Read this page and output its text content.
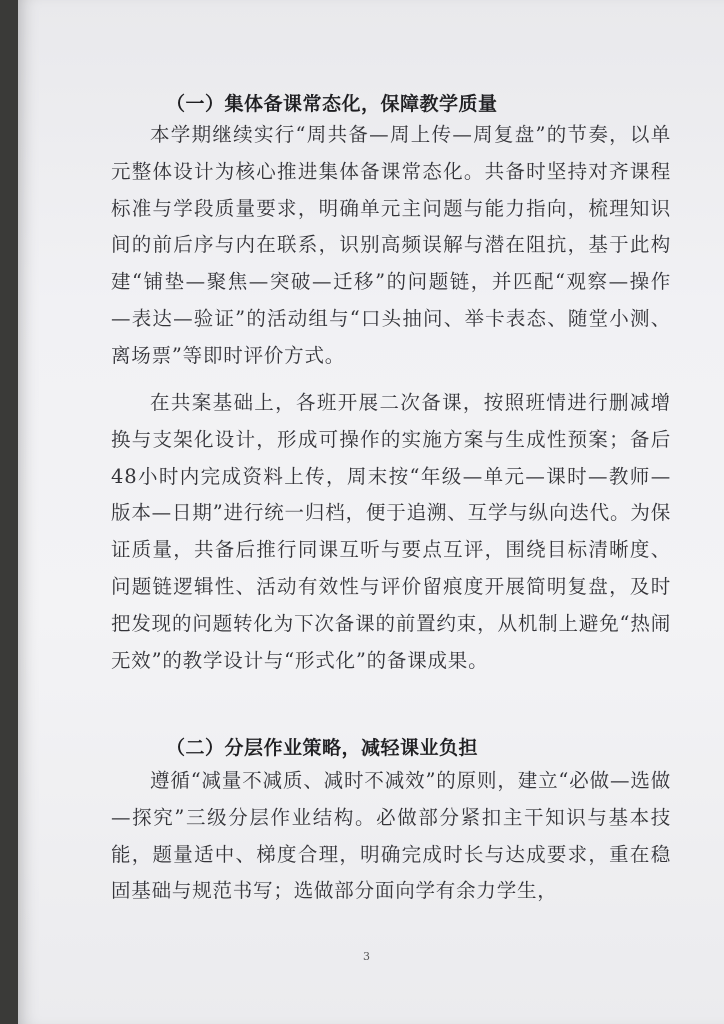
（一）集体备课常态化，保障教学质量

本学期继续实行“周共备—周上传—周复盘”的节奏，以单元整体设计为核心推进集体备课常态化。共备时坚持对齐课程标准与学段质量要求，明确单元主问题与能力指向，梳理知识间的前后序与内在联系，识别高频误解与潜在阻抗，基于此构建“铺垫—聚焦—突破—迁移”的问题链，并匹配“观察—操作—表达—验证”的活动组与“口头抽问、举卡表态、随堂小测、离场票”等即时评价方式。

在共案基础上，各班开展二次备课，按照班情进行删减增换与支架化设计，形成可操作的实施方案与生成性预案；备后48小时内完成资料上传，周末按“年级—单元—课时—教师—版本—日期”进行统一归档，便于追溯、互学与纵向迭代。为保证质量，共备后推行同课互听与要点互评，围绕目标清晰度、问题链逻辑性、活动有效性与评价留痕度开展简明复盘，及时把发现的问题转化为下次备课的前置约束，从机制上避免“热闹无效”的教学设计与“形式化”的备课成果。

（二）分层作业策略，减轻课业负担

遵循“减量不减质、减时不减效”的原则，建立“必做—选做—探究”三级分层作业结构。必做部分紧扣主干知识与基本技能，题量适中、梯度合理，明确完成时长与达成要求，重在稳固基础与规范书写；选做部分面向学有余力学生，

3
